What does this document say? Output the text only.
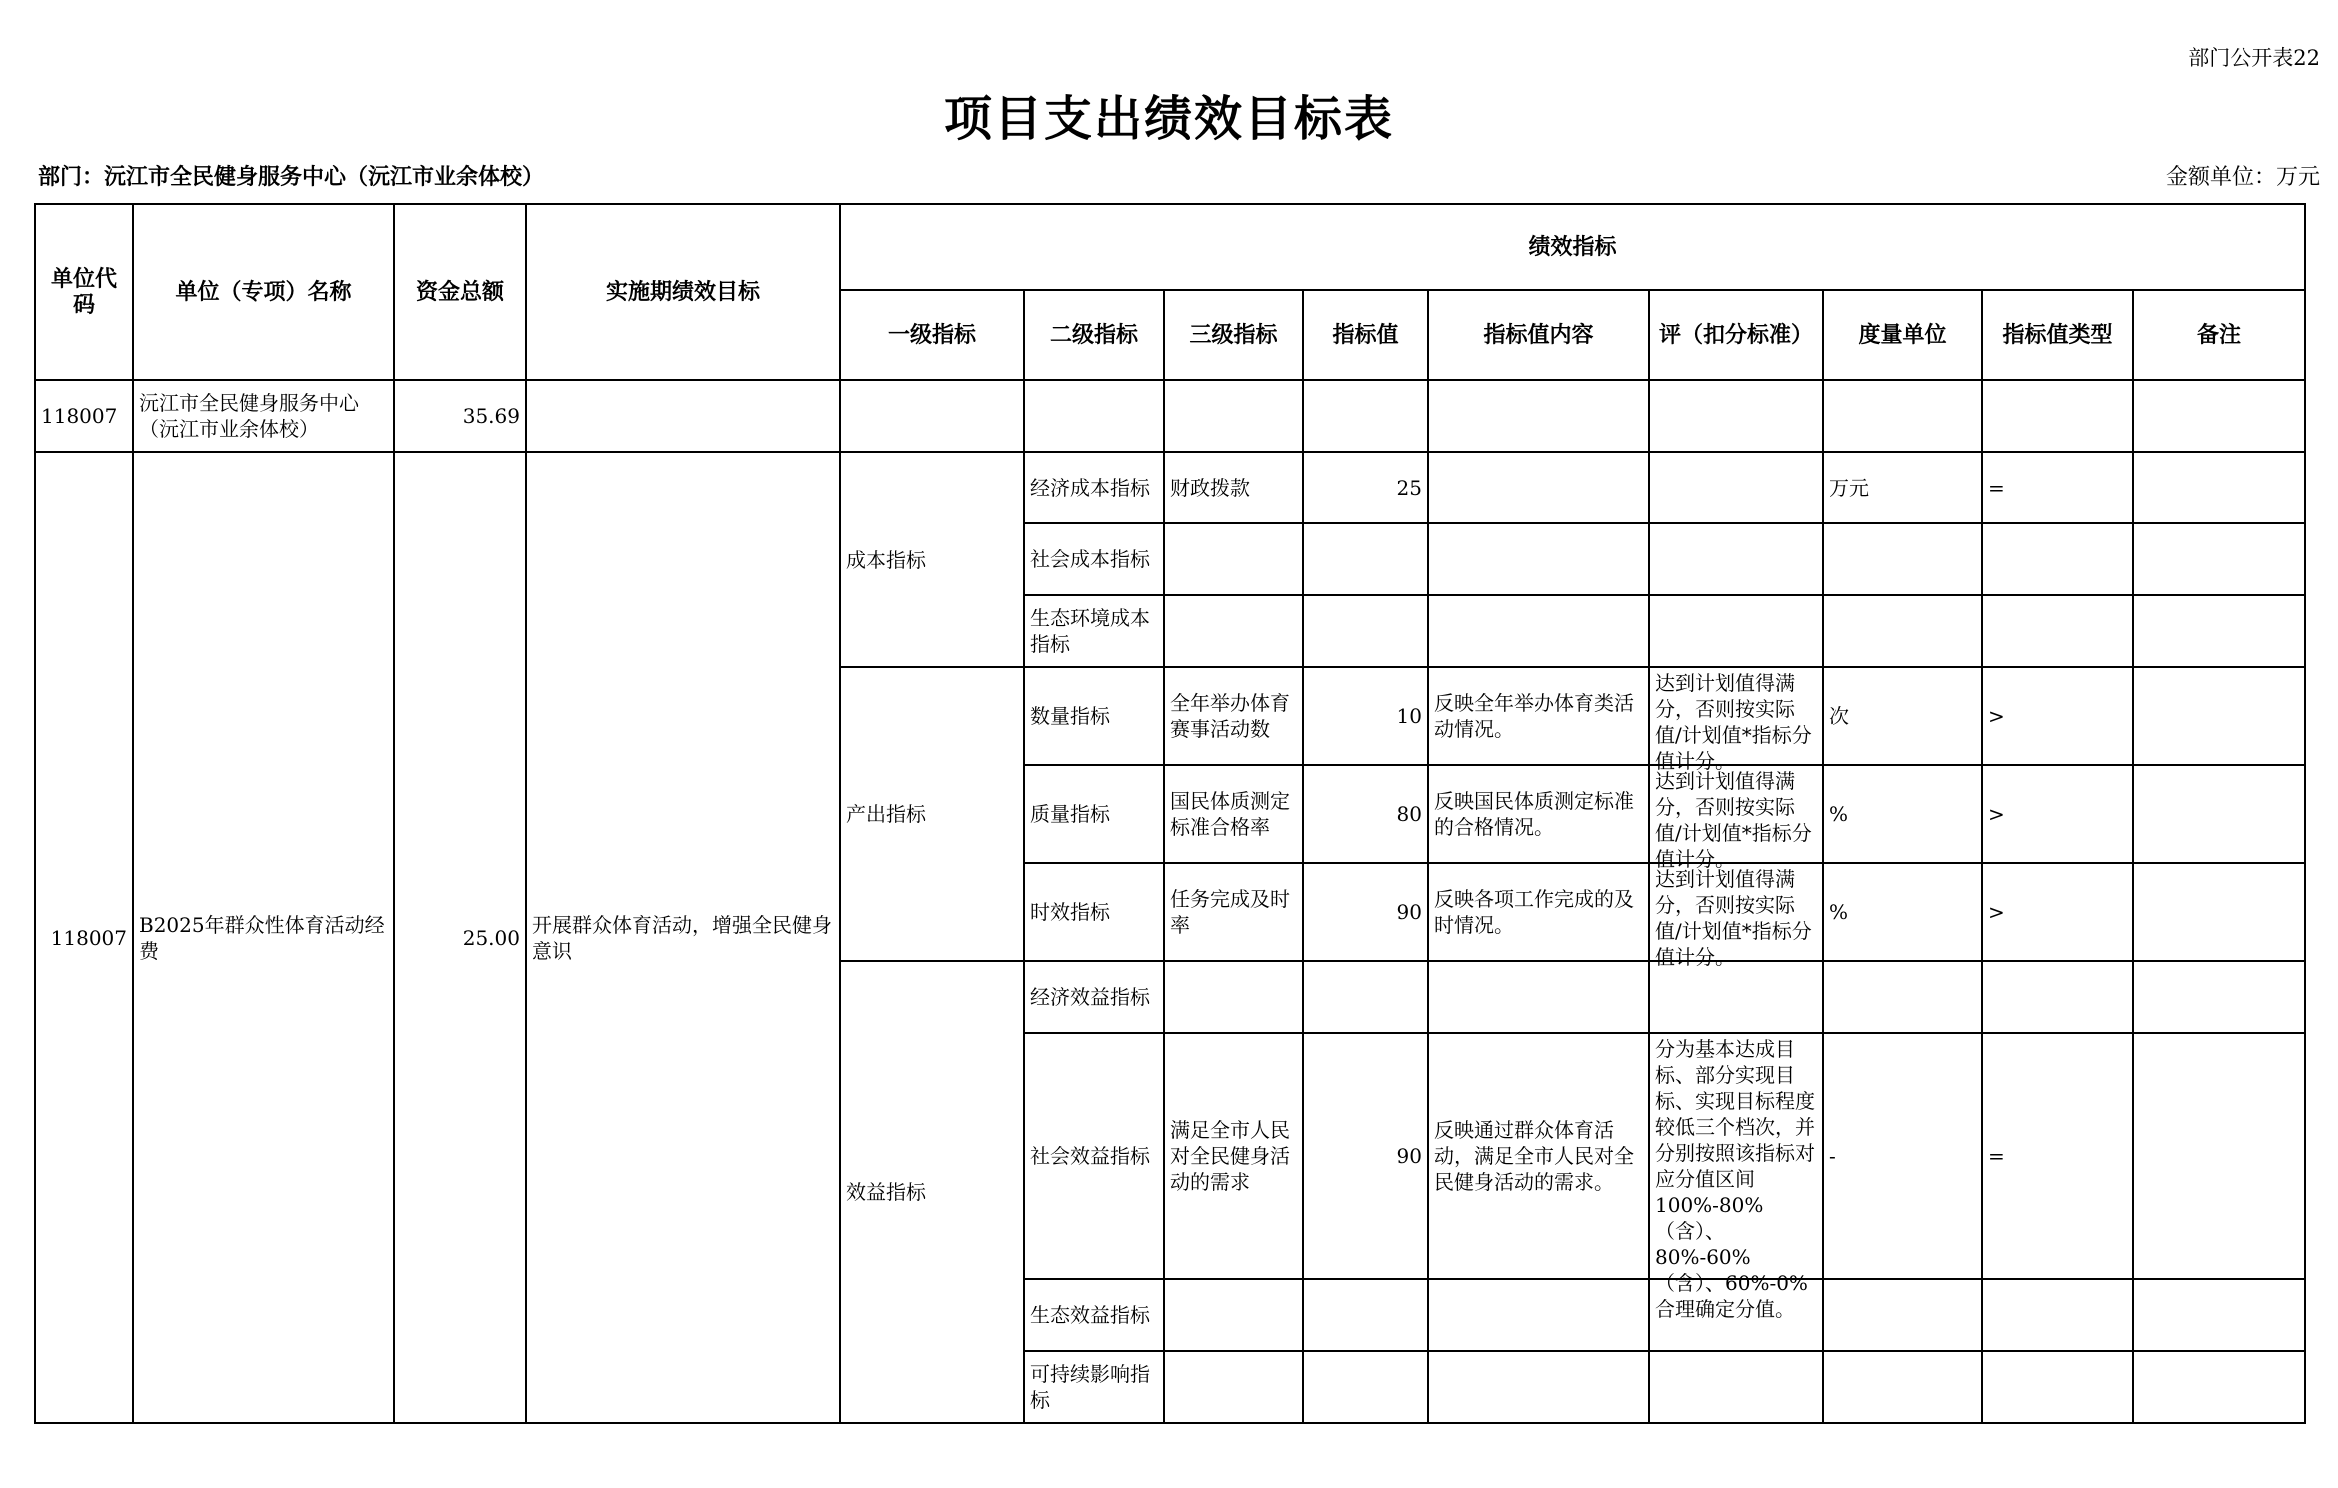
部门公开表22
项目支出绩效目标表
部门：沅江市全民健身服务中心（沅江市业余体校）	金额单位：万元
单位代码	单位（专项）名称	资金总额	实施期绩效目标	绩效指标								
				一级指标	二级指标	三级指标	指标值	指标值内容	评（扣分标准）	度量单位	指标值类型	备注
118007	沅江市全民健身服务中心（沅江市业余体校）	35.69										
118007	B2025年群众性体育活动经费	25.00	开展群众体育活动，增强全民健身意识	成本指标	经济成本指标	财政拨款	25			万元	=	
					社会成本指标							
					生态环境成本指标							
				产出指标	数量指标	全年举办体育赛事活动数	10	反映全年举办体育类活动情况。	达到计划值得满分，否则按实际值/计划值*指标分值计分。	次	>	
					质量指标	国民体质测定标准合格率	80	反映国民体质测定标准的合格情况。	达到计划值得满分，否则按实际值/计划值*指标分值计分。	%	>	
					时效指标	任务完成及时率	90	反映各项工作完成的及时情况。	达到计划值得满分，否则按实际值/计划值*指标分值计分。	%	>	
				效益指标	经济效益指标							
					社会效益指标	满足全市人民对全民健身活动的需求	90	反映通过群众体育活动，满足全市人民对全民健身活动的需求。	分为基本达成目标、部分实现目标、实现目标程度较低三个档次，并分别按照该指标对应分值区间100%-80%（含）、80%-60%（含）、60%-0%合理确定分值。	-	=	
					生态效益指标							
					可持续影响指标							
